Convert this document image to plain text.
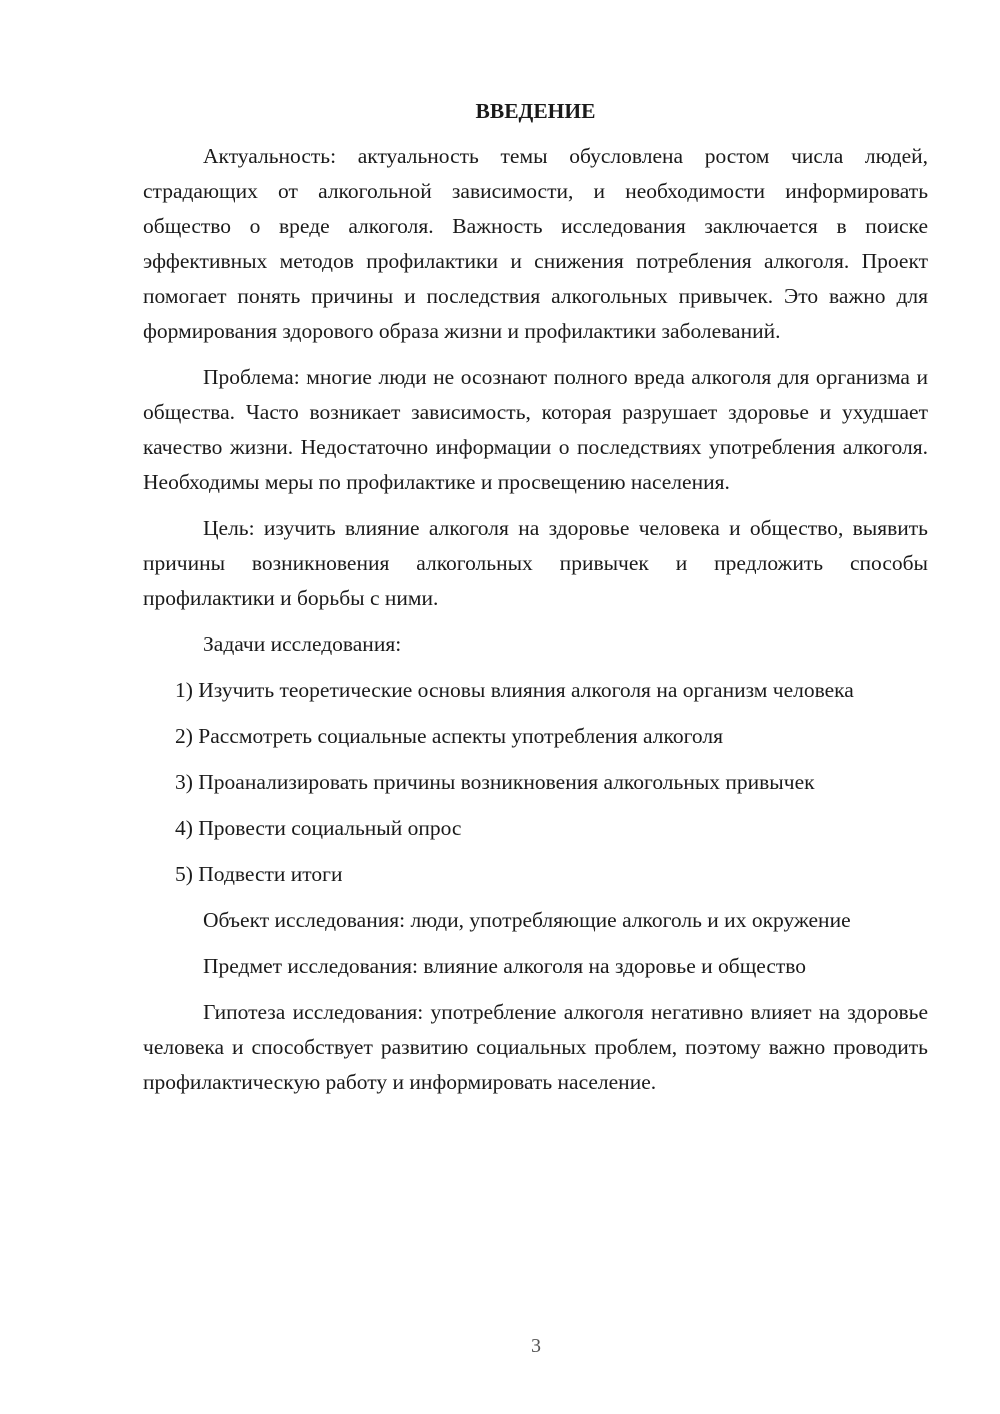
ВВЕДЕНИЕ

Актуальность: актуальность темы обусловлена ростом числа людей, страдающих от алкогольной зависимости, и необходимости информировать общество о вреде алкоголя. Важность исследования заключается в поиске эффективных методов профилактики и снижения потребления алкоголя. Проект помогает понять причины и последствия алкогольных привычек. Это важно для формирования здорового образа жизни и профилактики заболеваний.

Проблема: многие люди не осознают полного вреда алкоголя для организма и общества. Часто возникает зависимость, которая разрушает здоровье и ухудшает качество жизни. Недостаточно информации о последствиях употребления алкоголя. Необходимы меры по профилактике и просвещению населения.

Цель: изучить влияние алкоголя на здоровье человека и общество, выявить причины возникновения алкогольных привычек и предложить способы профилактики и борьбы с ними.

Задачи исследования:

1) Изучить теоретические основы влияния алкоголя на организм человека

2) Рассмотреть социальные аспекты употребления алкоголя

3) Проанализировать причины возникновения алкогольных привычек

4) Провести социальный опрос

5) Подвести итоги

Объект исследования: люди, употребляющие алкоголь и их окружение

Предмет исследования: влияние алкоголя на здоровье и общество

Гипотеза исследования: употребление алкоголя негативно влияет на здоровье человека и способствует развитию социальных проблем, поэтому важно проводить профилактическую работу и информировать население.

3
